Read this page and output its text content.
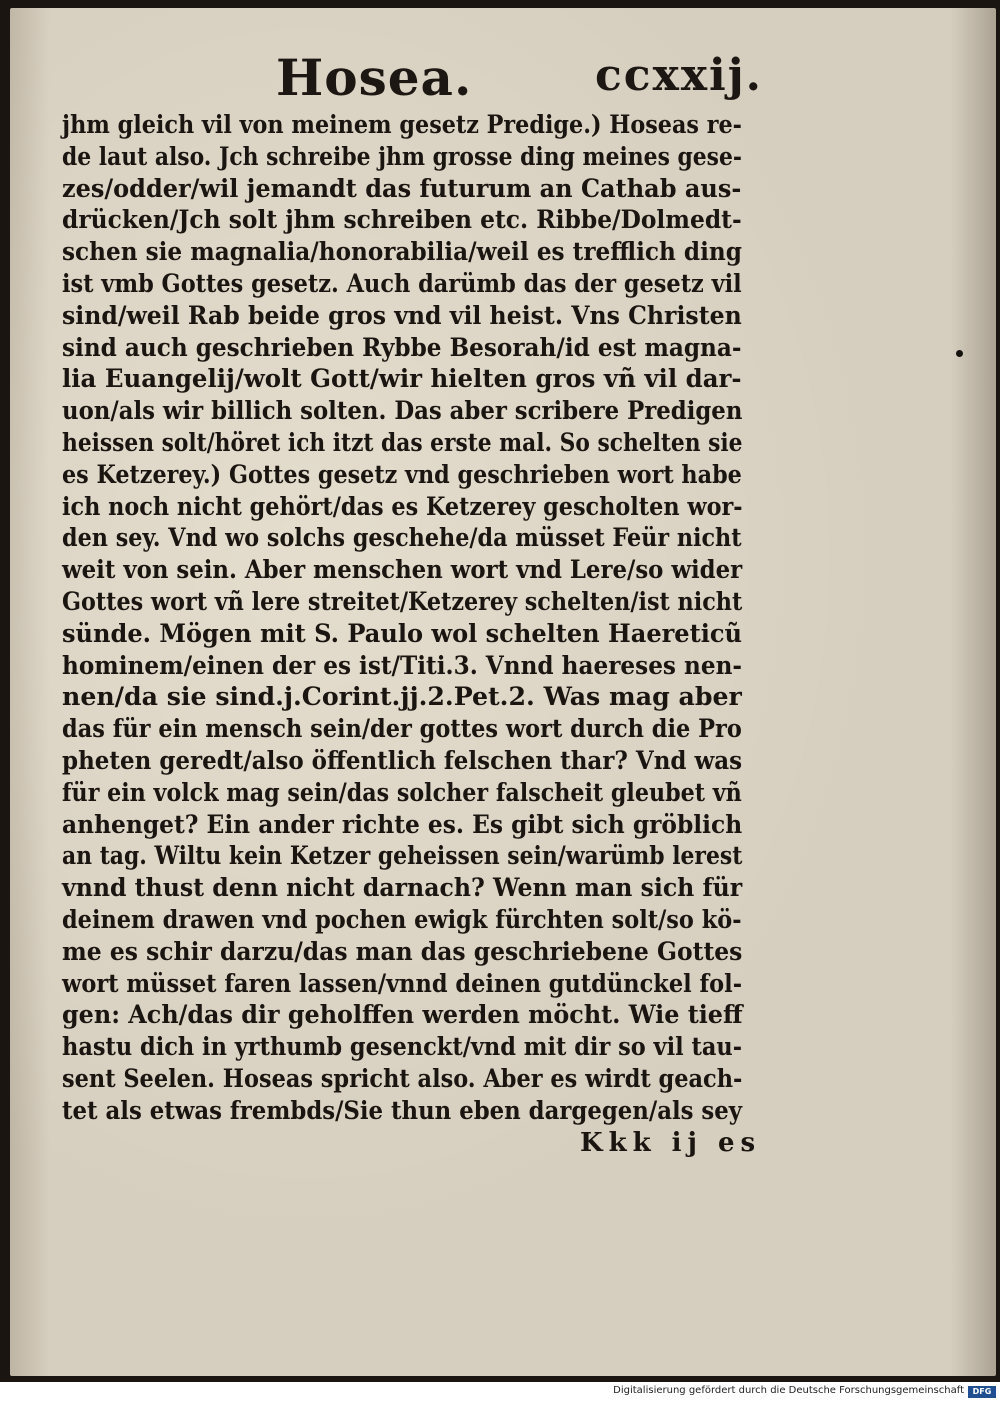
Hosea.	ccxxij.
jhm gleich vil von meinem gesetz Predige.) Hoseas re-
de laut also. Jch schreibe jhm grosse ding meines gese-
zes/odder/wil jemandt das futurum an Cathab aus-
drücken/Jch solt jhm schreiben etc. Ribbe/Dolmedt-
schen sie magnalia/honorabilia/weil es trefflich ding
ist vmb Gottes gesetz. Auch darümb das der gesetz vil
sind/weil Rab beide gros vnd vil heist. Vns Christen
sind auch geschrieben Rybbe Besorah/id est magna-
lia Euangelij/wolt Gott/wir hielten gros vñ vil dar-
uon/als wir billich solten. Das aber scribere Predigen
heissen solt/höret ich itzt das erste mal. So schelten sie
es Ketzerey.) Gottes gesetz vnd geschrieben wort habe
ich noch nicht gehört/das es Ketzerey gescholten wor-
den sey. Vnd wo solchs geschehe/da müsset Feür nicht
weit von sein. Aber menschen wort vnd Lere/so wider
Gottes wort vñ lere streitet/Ketzerey schelten/ist nicht
sünde. Mögen mit S. Paulo wol schelten Haereticũ
hominem/einen der es ist/Titi.3. Vnnd haereses nen-
nen/da sie sind.j.Corint.jj.2.Pet.2. Was mag aber
das für ein mensch sein/der gottes wort durch die Pro
pheten geredt/also öffentlich felschen thar? Vnd was
für ein volck mag sein/das solcher falscheit gleubet vñ
anhenget? Ein ander richte es. Es gibt sich gröblich
an tag. Wiltu kein Ketzer geheissen sein/warümb lerest
vnnd thust denn nicht darnach? Wenn man sich für
deinem drawen vnd pochen ewigk fürchten solt/so kö-
me es schir darzu/das man das geschriebene Gottes
wort müsset faren lassen/vnnd deinen gutdünckel fol-
gen: Ach/das dir geholffen werden möcht. Wie tieff
hastu dich in yrthumb gesenckt/vnd mit dir so vil tau-
sent Seelen. Hoseas spricht also. Aber es wirdt geach-
tet als etwas frembds/Sie thun eben dargegen/als sey
Kkk ij es
Digitalisierung gefördert durch die Deutsche Forschungsgemeinschaft	DFG
